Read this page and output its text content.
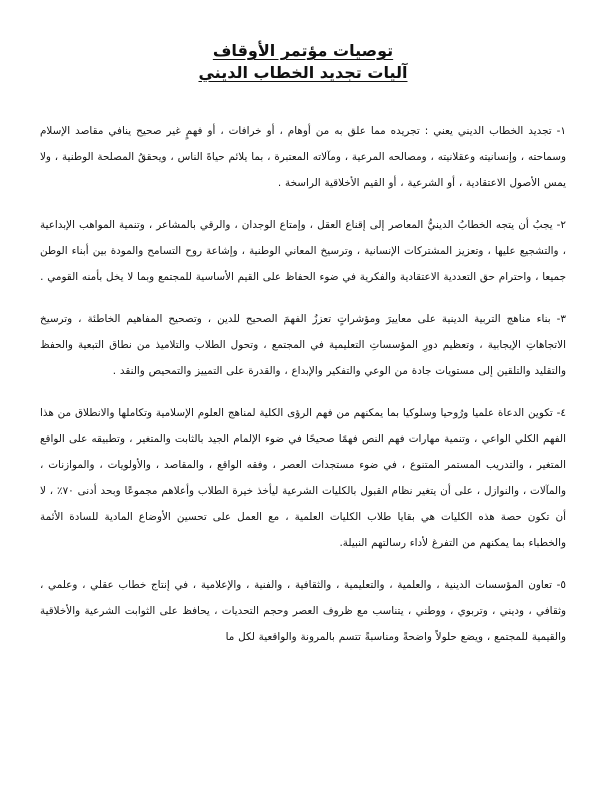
توصيات مؤتمر الأوقاف
آليات تجديد الخطاب الديني

١- تجديد الخطاب الديني يعني : تجريده مما علق به من أوهام ، أو خرافات ، أو فهمٍ غير صحيح ينافي مقاصد الإسلام وسماحته ، وإنسانيته وعقلانيته ، ومصالحه المرعية ، ومآلاته المعتبرة ، بما يلائم حياةَ الناس ، ويحققُ المصلحة الوطنية ، ولا يمس الأصول الاعتقادية ، أو الشرعية ، أو القيم الأخلاقية الراسخة .

٢- يجبُ أن يتجه الخطابُ الدينيُّ المعاصر إلى إقناع العقل ، وإمتاع الوجدان ، والرقي بالمشاعر ، وتنمية المواهب الإبداعية ، والتشجيع عليها ، وتعزيز المشتركات الإنسانية ، وترسيخ المعاني الوطنية ، وإشاعة روح التسامح والمودة بين أبناء الوطن جميعا ، واحترام حق التعددية الاعتقادية والفكرية في ضوء الحفاظ على القيم الأساسية للمجتمع وبما لا يخل بأمنه القومي .

٣- بناء مناهج التربية الدينية على معاييرَ ومؤشراتٍ تعززُ الفهمَ الصحيح للدين ، وتصحيح المفاهيم الخاطئة ، وترسيخ الاتجاهاتِ الإيجابية ، وتعظيم دورِ المؤسساتِ التعليمية في المجتمع ، وتحول الطلاب والتلاميذ من نطاق التبعية والحفظ والتقليد والتلقين إلى مستويات جادة من الوعي والتفكير والإبداع ، والقدرة على التمييز والتمحيص والنقد .

٤- تكوين الدعاة علميا ورُوحيا وسلوكيا بما يمكنهم من فهم الرؤى الكلية لمناهج العلوم الإسلامية وتكاملها والانطلاق من هذا الفهم الكلي الواعي ، وتنمية مهارات فهم النص فهمًا صحيحًا في ضوء الإلمام الجيد بالثابت والمتغير ، وتطبيقه على الواقع المتغير ، والتدريب المستمر المتنوع ، في ضوء مستجدات العصر ، وفقه الواقع ، والمقاصد ، والأولويات ، والموازنات ، والمآلات ، والنوازل ، على أن يتغير نظام القبول بالكليات الشرعية ليأخذ خيرة الطلاب وأعلاهم مجموعًا وبحد أدنى ٧٠٪ ، لا أن تكون حصة هذه الكليات هي بقايا طلاب الكليات العلمية ، مع العمل على تحسين الأوضاع المادية للسادة الأئمة والخطباء بما يمكنهم من التفرغ لأداء رسالتهم النبيلة.

٥- تعاون المؤسسات الدينية ، والعلمية ، والتعليمية ، والثقافية ، والفنية ، والإعلامية ، في إنتاج خطاب عقلي ، وعلمي ، وثقافي ، وديني ، وتربوي ، ووطني ، يتناسب مع ظروف العصر وحجم التحديات ، يحافظ على الثوابت الشرعية والأخلاقية والقيمية للمجتمع ، ويضع حلولاً واضحةً ومناسبةً تتسم بالمرونة والواقعية لكل ما
